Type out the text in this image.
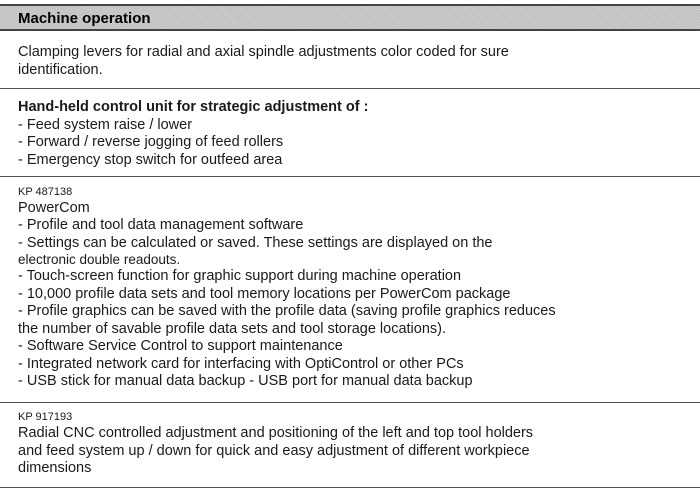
Machine operation
Clamping levers for radial and axial spindle adjustments color coded for sure
identification.
Hand-held control unit for strategic adjustment of :
- Feed system raise / lower
- Forward / reverse jogging of feed rollers
- Emergency stop switch for outfeed area
KP 487138
PowerCom
- Profile and tool data management software
- Settings can be calculated or saved. These settings are displayed on the
electronic double readouts.
- Touch-screen function for graphic support during machine operation
- 10,000 profile data sets and tool memory locations per PowerCom package
- Profile graphics can be saved with the profile data (saving profile graphics reduces
the number of savable profile data sets and tool storage locations).
- Software Service Control to support maintenance
- Integrated network card for interfacing with OptiControl or other PCs
- USB stick for manual data backup - USB port for manual data backup
KP 917193
Radial CNC controlled adjustment and positioning of the left and top tool holders
and feed system up / down for quick and easy adjustment of different workpiece
dimensions
